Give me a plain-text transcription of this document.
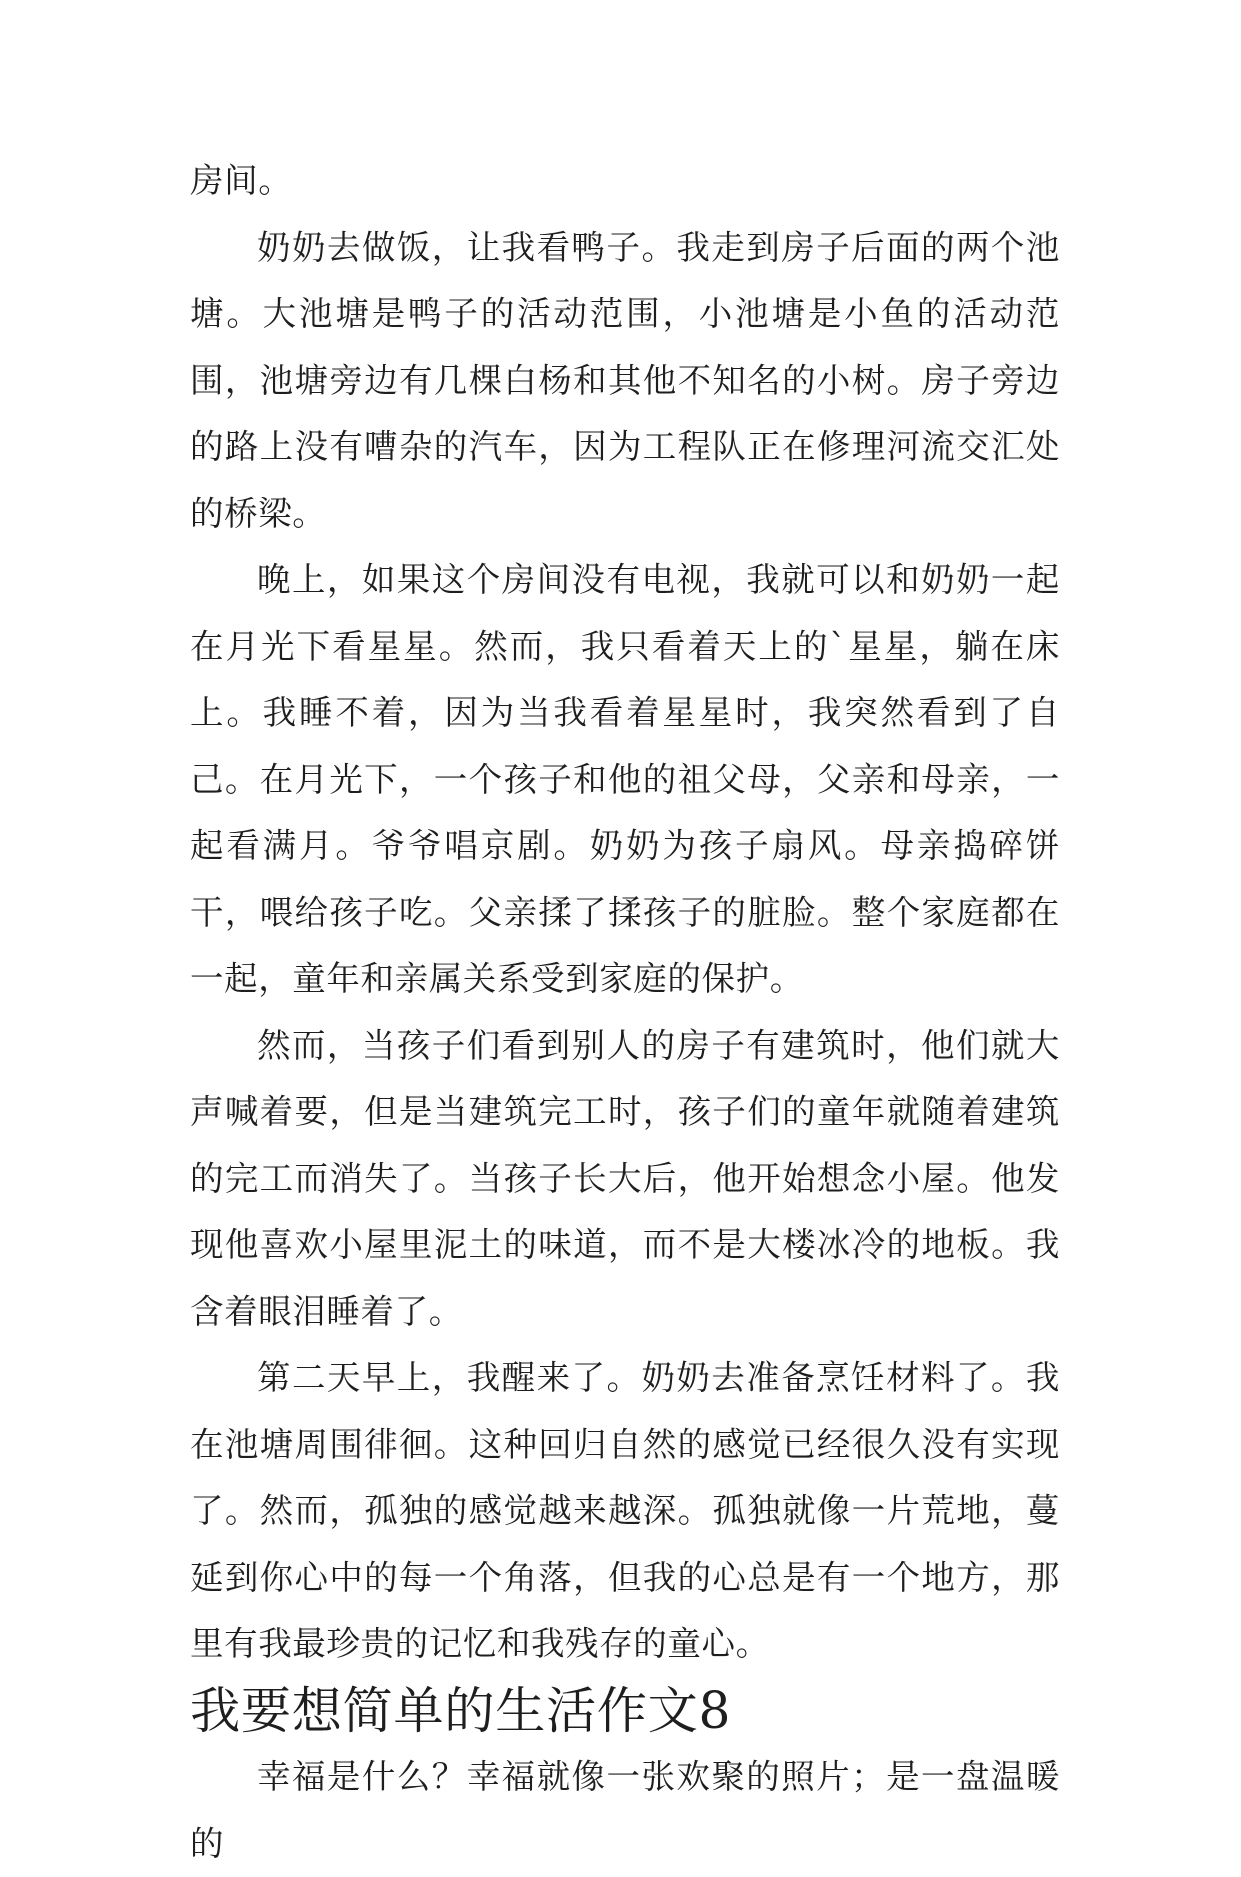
房间。

奶奶去做饭，让我看鸭子。我走到房子后面的两个池塘。大池塘是鸭子的活动范围，小池塘是小鱼的活动范围，池塘旁边有几棵白杨和其他不知名的小树。房子旁边的路上没有嘈杂的汽车，因为工程队正在修理河流交汇处的桥梁。

晚上，如果这个房间没有电视，我就可以和奶奶一起在月光下看星星。然而，我只看着天上的`星星，躺在床上。我睡不着，因为当我看着星星时，我突然看到了自己。在月光下，一个孩子和他的祖父母，父亲和母亲，一起看满月。爷爷唱京剧。奶奶为孩子扇风。母亲捣碎饼干，喂给孩子吃。父亲揉了揉孩子的脏脸。整个家庭都在一起，童年和亲属关系受到家庭的保护。

然而，当孩子们看到别人的房子有建筑时，他们就大声喊着要，但是当建筑完工时，孩子们的童年就随着建筑的完工而消失了。当孩子长大后，他开始想念小屋。他发现他喜欢小屋里泥土的味道，而不是大楼冰冷的地板。我含着眼泪睡着了。

第二天早上，我醒来了。奶奶去准备烹饪材料了。我在池塘周围徘徊。这种回归自然的感觉已经很久没有实现了。然而，孤独的感觉越来越深。孤独就像一片荒地，蔓延到你心中的每一个角落，但我的心总是有一个地方，那里有我最珍贵的记忆和我残存的童心。

我要想简单的生活作文8

幸福是什么？幸福就像一张欢聚的照片；是一盘温暖的
